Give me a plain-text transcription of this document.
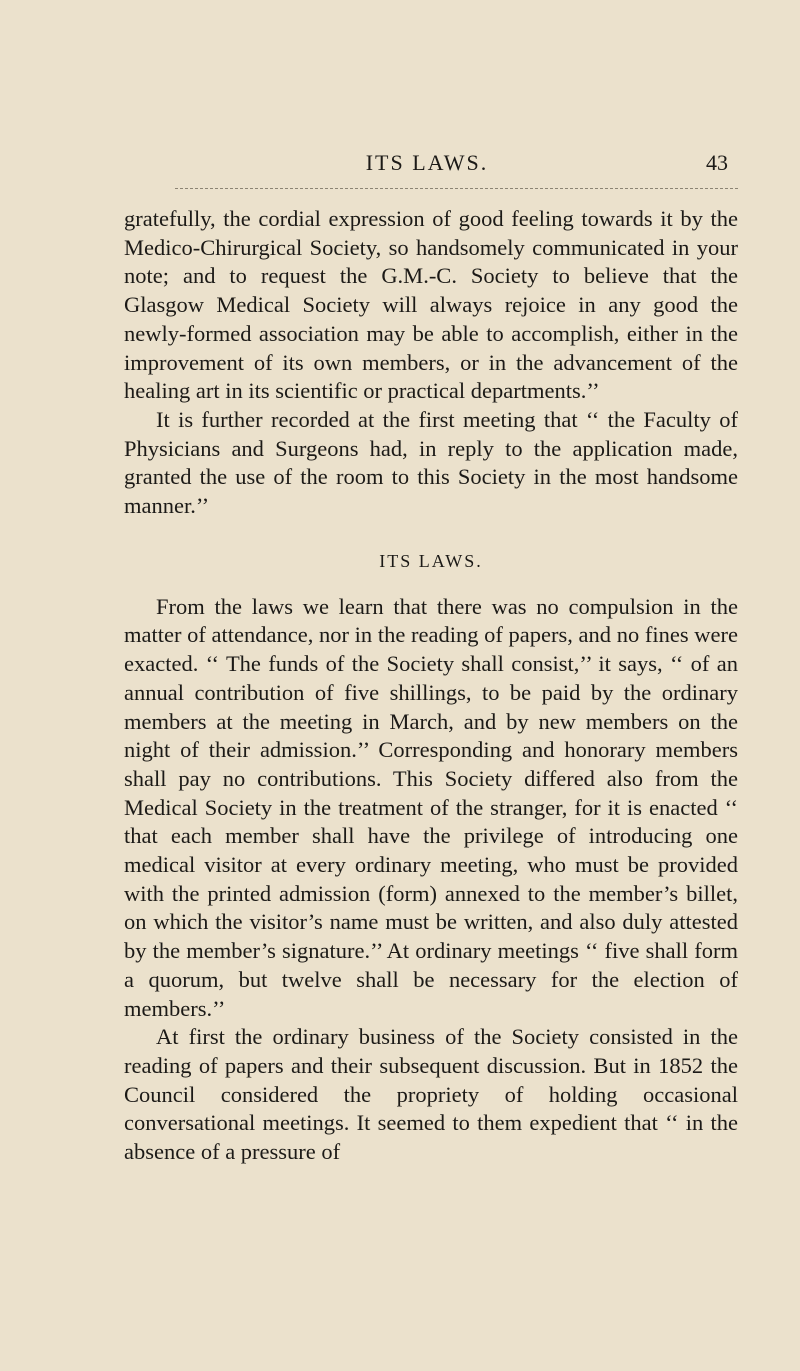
ITS LAWS.	43

gratefully, the cordial expression of good feeling towards it by the Medico-Chirurgical Society, so handsomely communicated in your note; and to request the G.M.-C. Society to believe that the Glasgow Medical Society will always rejoice in any good the newly-formed association may be able to accomplish, either in the improvement of its own members, or in the advancement of the healing art in its scientific or practical departments.’’

It is further recorded at the first meeting that ‘‘ the Faculty of Physicians and Surgeons had, in reply to the application made, granted the use of the room to this Society in the most handsome manner.’’

ITS LAWS.

From the laws we learn that there was no compulsion in the matter of attendance, nor in the reading of papers, and no fines were exacted. ‘‘ The funds of the Society shall consist,’’ it says, ‘‘ of an annual contribution of five shillings, to be paid by the ordinary members at the meeting in March, and by new members on the night of their admission.’’ Corresponding and honorary members shall pay no contributions. This Society differed also from the Medical Society in the treatment of the stranger, for it is enacted ‘‘ that each member shall have the privilege of introducing one medical visitor at every ordinary meeting, who must be provided with the printed admission (form) annexed to the member’s billet, on which the visitor’s name must be written, and also duly attested by the member’s signature.’’ At ordinary meetings ‘‘ five shall form a quorum, but twelve shall be necessary for the election of members.’’

At first the ordinary business of the Society consisted in the reading of papers and their subsequent discussion. But in 1852 the Council considered the propriety of holding occasional conversational meetings. It seemed to them expedient that ‘‘ in the absence of a pressure of
